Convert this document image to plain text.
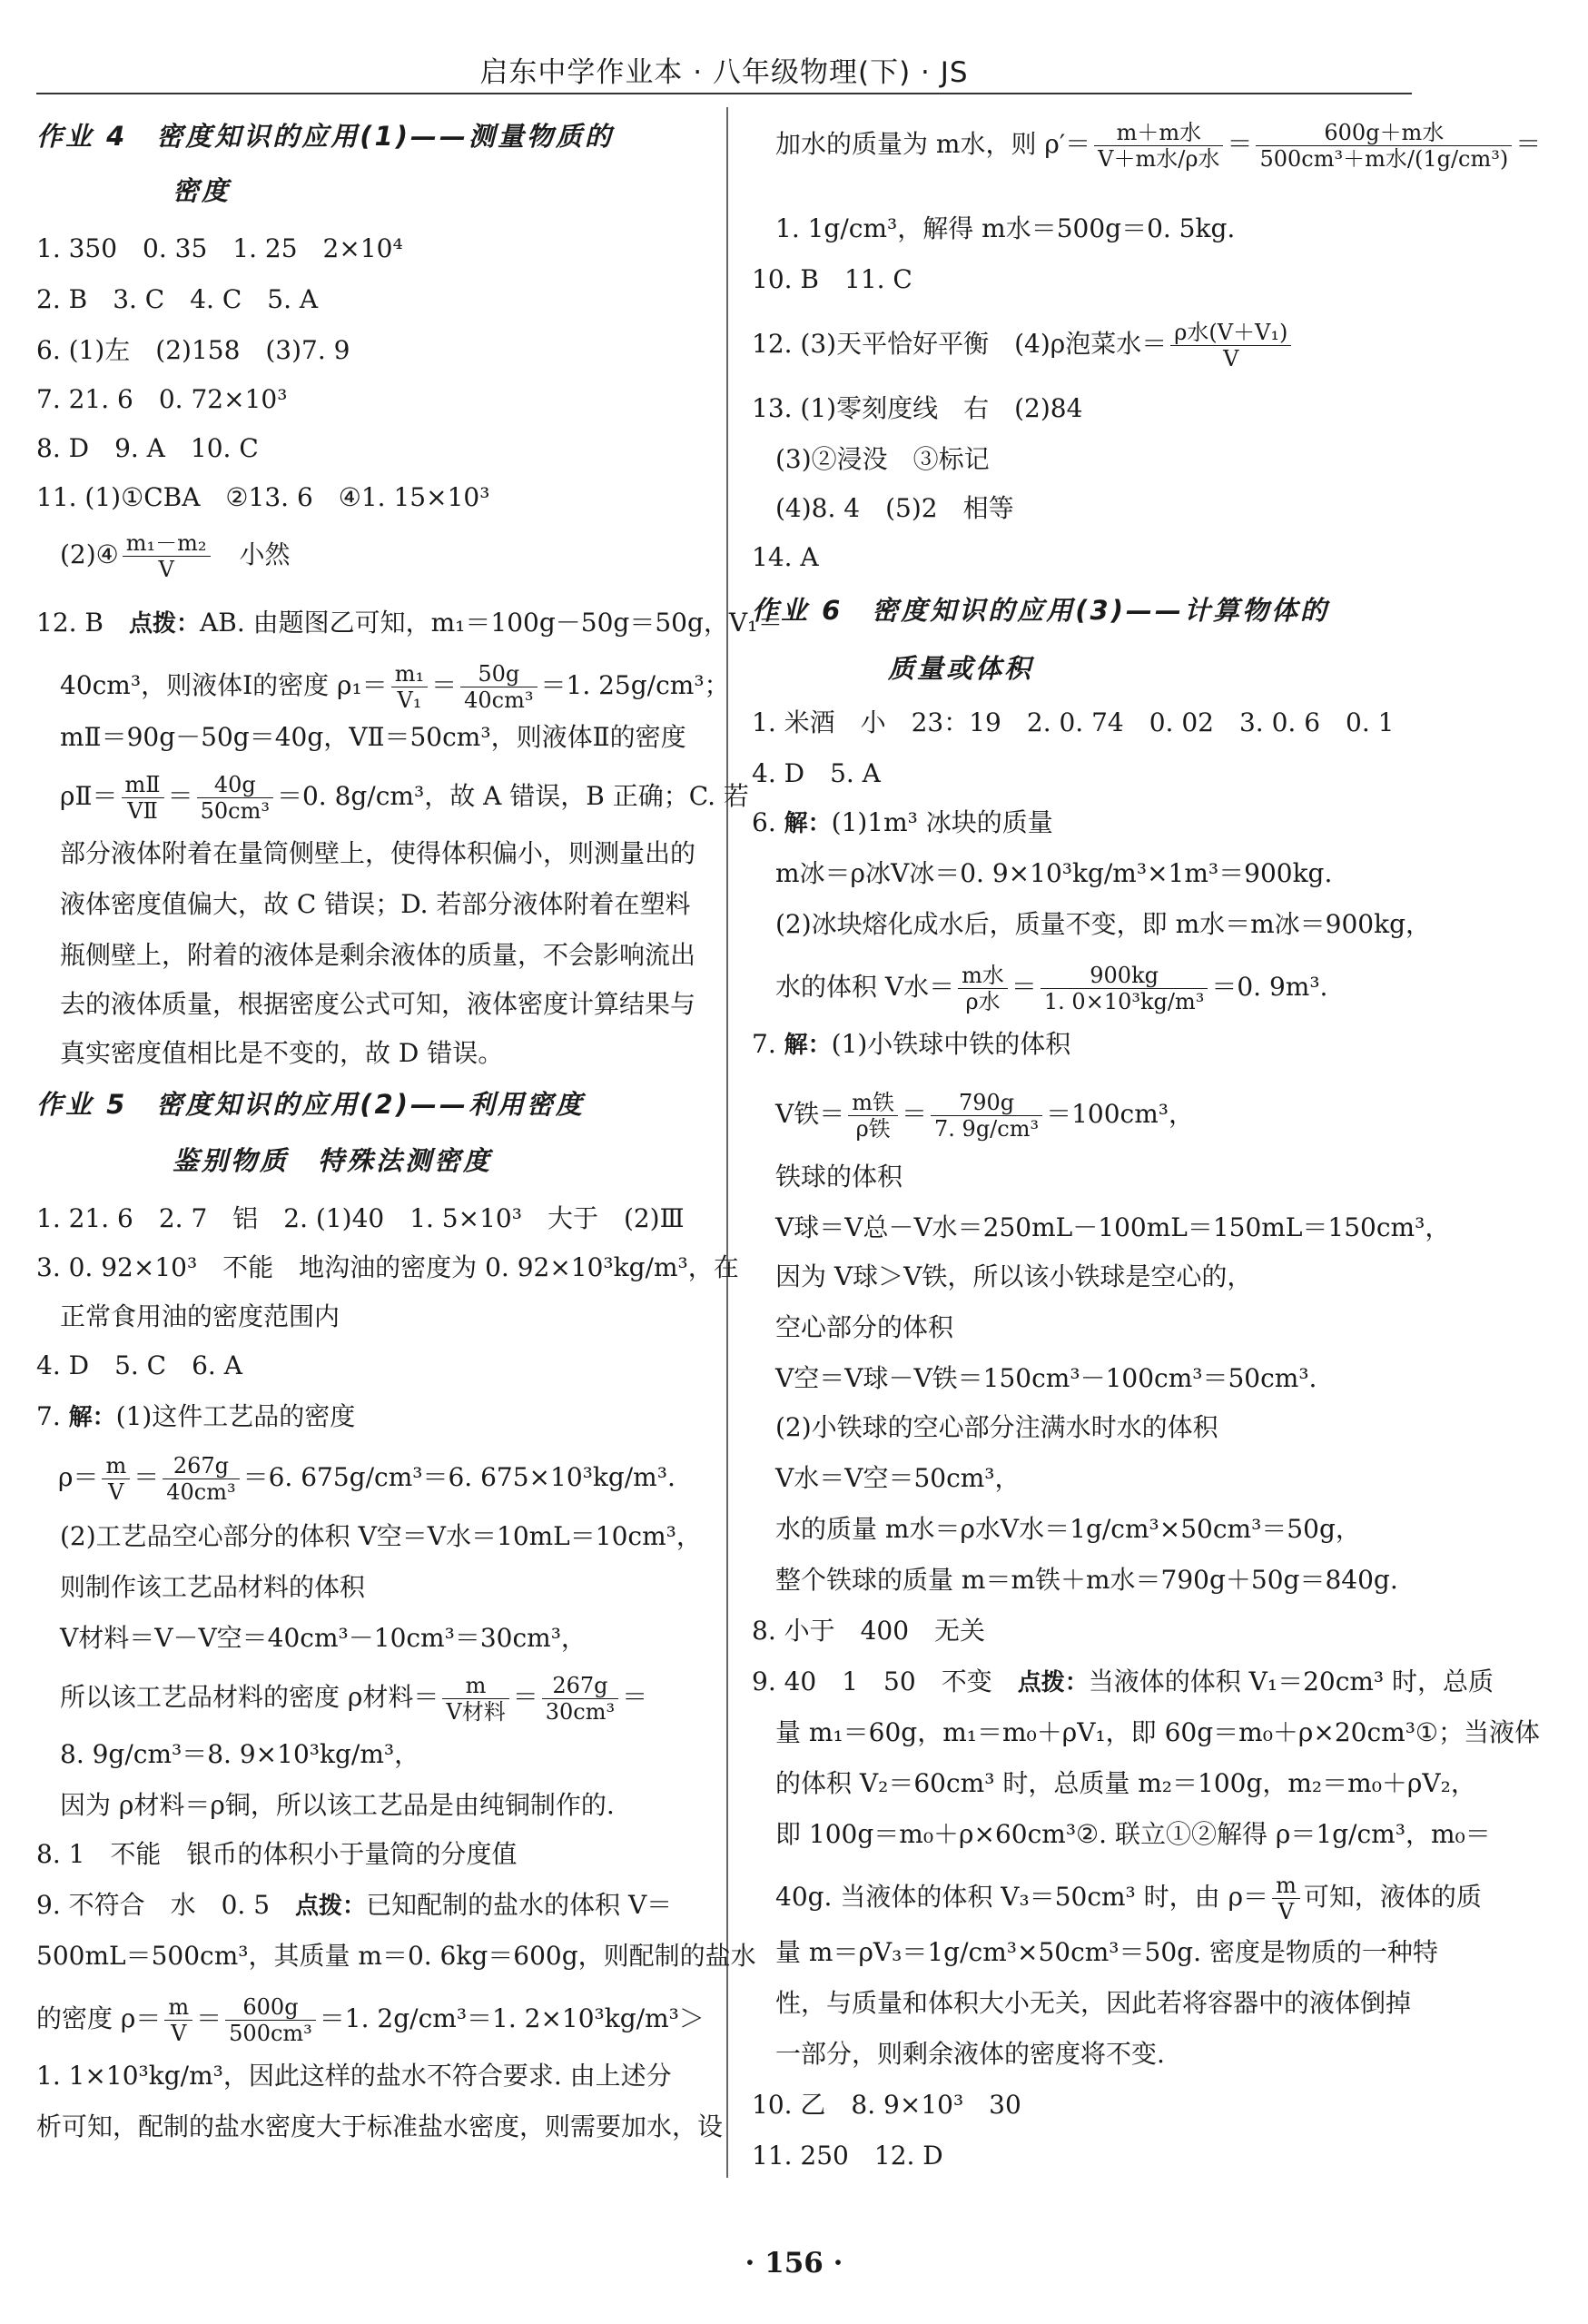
启东中学作业本 · 八年级物理(下) · JS
作业 4　密度知识的应用(1)——测量物质的
密度
1. 350　0. 35　1. 25　2×10⁴
2. B　3. C　4. C　5. A
6. (1)左　(2)158　(3)7. 9
7. 21. 6　0. 72×10³
8. D　9. A　10. C
11. (1)①CBA　②13. 6　④1. 15×10³
(2)④ $\frac{\text{m₁－m₂}}{V}$ 　小然
12. B　点拨：AB. 由题图乙可知，m₁＝100g－50g＝50g，V₁＝
40cm³，则液体Ⅰ的密度 $\rho_1= \frac{\text{m₁}}{\text{V₁}} = \frac{50g}{\text{40cm³}} =1$. 25g/cm³；
mⅡ＝90g－50g＝40g，VⅡ＝50cm³，则液体Ⅱ的密度
ρⅡ＝ $\frac{\text{mⅡ}}{\text{VⅡ}} = \frac{40g}{\text{50cm³}} =0$. 8g/cm³，故 A 错误，B 正确；C. 若
部分液体附着在量筒侧壁上，使得体积偏小，则测量出的
液体密度值偏大，故 C 错误；D. 若部分液体附着在塑料
瓶侧壁上，附着的液体是剩余液体的质量，不会影响流出
去的液体质量，根据密度公式可知，液体密度计算结果与
真实密度值相比是不变的，故 D 错误。
作业 5　密度知识的应用(2)——利用密度
鉴别物质　特殊法测密度
1. 21. 6　2. 7　铝　2. (1)40　1. 5×10³　大于　(2)Ⅲ
3. 0. 92×10³　不能　地沟油的密度为 0. 92×10³kg/m³，在
正常食用油的密度范围内
4. D　5. C　6. A
7. 解：(1)这件工艺品的密度
$\rho= \frac{m}{V} = \frac{267g}{\text{40cm³}} =6$. 675g/cm³＝6. 675×10³kg/m³.
(2)工艺品空心部分的体积 V空＝V水＝10mL＝10cm³，
则制作该工艺品材料的体积
V材料＝V－V空＝40cm³－10cm³＝30cm³，
所以该工艺品材料的密度 ρ材料＝ $\frac{m}{\text{V材料}} = \frac{267g}{\text{30cm³}}$ ＝
8. 9g/cm³＝8. 9×10³kg/m³，
因为 ρ材料＝ρ铜，所以该工艺品是由纯铜制作的.
8. 1　不能　银币的体积小于量筒的分度值
9. 不符合　水　0. 5　点拨：已知配制的盐水的体积 V＝
500mL＝500cm³，其质量 m＝0. 6kg＝600g，则配制的盐水
的密度 $\rho= \frac{m}{V} = \frac{600g}{\text{500cm³}} =1$. 2g/cm³＝1. 2×10³kg/m³＞
1. 1×10³kg/m³，因此这样的盐水不符合要求. 由上述分
析可知，配制的盐水密度大于标准盐水密度，则需要加水，设
加水的质量为 m水，则 $\rho'= \frac{\text{m＋m水}}{\text{V＋m水/ρ水}} = \frac{\text{600g＋m水}}{\text{500cm³＋m水/(1g/cm³)}}$ ＝
1. 1g/cm³，解得 m水＝500g＝0. 5kg.
10. B　11. C
12. (3)天平恰好平衡　(4)ρ泡菜水＝ $\frac{\text{ρ水(V＋V₁)}}{V}$
13. (1)零刻度线　右　(2)84
(3)②浸没　③标记
(4)8. 4　(5)2　相等
14. A
作业 6　密度知识的应用(3)——计算物体的
质量或体积
1. 米酒　小　23：19　2. 0. 74　0. 02　3. 0. 6　0. 1
4. D　5. A
6. 解：(1)1m³ 冰块的质量
m冰＝ρ冰V冰＝0. 9×10³kg/m³×1m³＝900kg.
(2)冰块熔化成水后，质量不变，即 m水＝m冰＝900kg，
水的体积 V水＝ $\frac{\text{m水}}{\text{ρ水}} = \frac{900kg}{\text{1. 0×10³kg/m³}} =0$. 9m³.
7. 解：(1)小铁球中铁的体积
V铁＝ $\frac{\text{m铁}}{\text{ρ铁}} = \frac{790g}{\text{7. 9g/cm³}} =100cm^3$，
铁球的体积
V球＝V总－V水＝250mL－100mL＝150mL＝150cm³，
因为 V球＞V铁，所以该小铁球是空心的，
空心部分的体积
V空＝V球－V铁＝150cm³－100cm³＝50cm³.
(2)小铁球的空心部分注满水时水的体积
V水＝V空＝50cm³，
水的质量 m水＝ρ水V水＝1g/cm³×50cm³＝50g，
整个铁球的质量 m＝m铁＋m水＝790g＋50g＝840g.
8. 小于　400　无关
9. 40　1　50　不变　点拨：当液体的体积 V₁＝20cm³ 时，总质
量 m₁＝60g，m₁＝m₀＋ρV₁，即 60g＝m₀＋ρ×20cm³①；当液体
的体积 V₂＝60cm³ 时，总质量 m₂＝100g，m₂＝m₀＋ρV₂，
即 100g＝m₀＋ρ×60cm³②. 联立①②解得 ρ＝1g/cm³，m₀＝
40g. 当液体的体积 V₃＝50cm³ 时，由 $\rho= \frac{m}{V}$ 可知，液体的质
量 m＝ρV₃＝1g/cm³×50cm³＝50g. 密度是物质的一种特
性，与质量和体积大小无关，因此若将容器中的液体倒掉
一部分，则剩余液体的密度将不变.
10. 乙　8. 9×10³　30
11. 250　12. D
· 156 ·
